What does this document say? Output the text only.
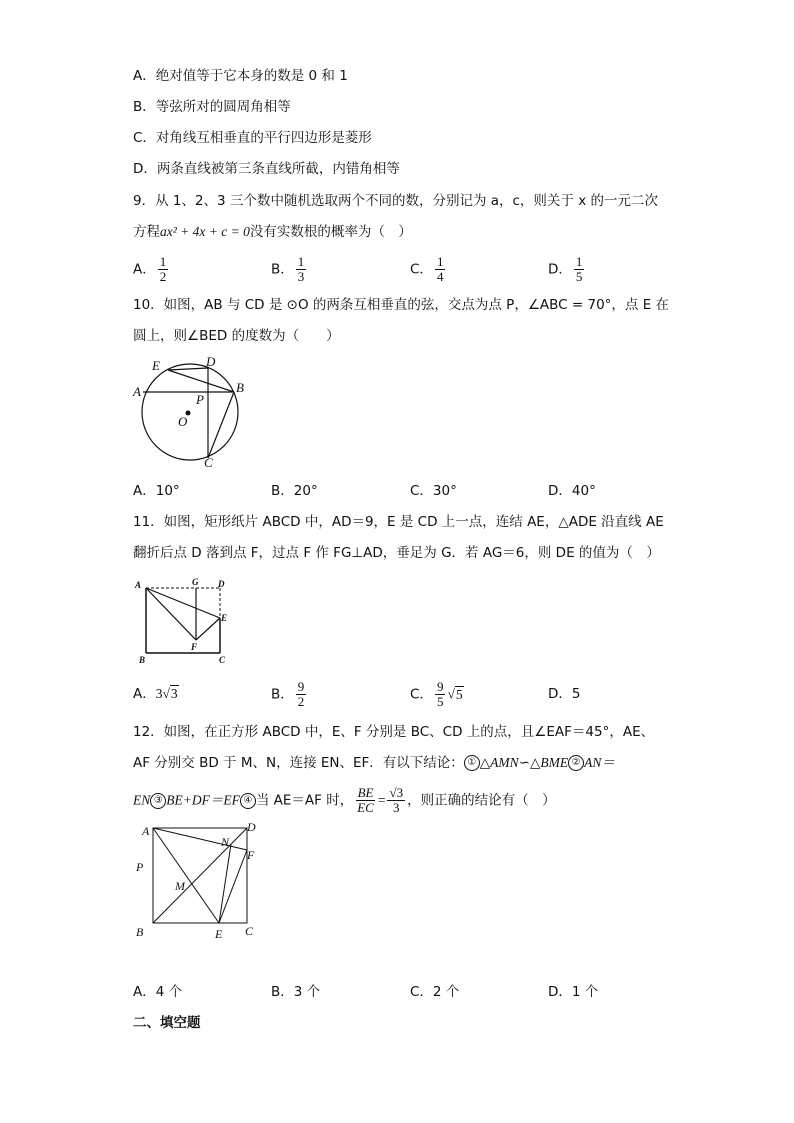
A．绝对值等于它本身的数是 0 和 1
B．等弦所对的圆周角相等
C．对角线互相垂直的平行四边形是菱形
D．两条直线被第三条直线所截，内错角相等
9．从 1、2、3 三个数中随机选取两个不同的数，分别记为 a，c，则关于 x 的一元二次
方程ax² + 4x + c = 0没有实数根的概率为（　）
A． $\frac{1}{2}$	B． $\frac{1}{3}$	C． $\frac{1}{4}$	D． $\frac{1}{5}$
10．如图，AB 与 CD 是 ⊙O 的两条互相垂直的弦，交点为点 P，∠ABC = 70°，点 E 在
圆上，则∠BED 的度数为（　　）
E	D
A	B
P
O
C
A．10°	B．20°	C．30°	D．40°
11．如图，矩形纸片 ABCD 中，AD＝9，E 是 CD 上一点，连结 AE，△ADE 沿直线 AE
翻折后点 D 落到点 F，过点 F 作 FG⊥AD，垂足为 G．若 AG＝6，则 DE 的值为（　）
A	G D
E
F
B	C
A．3√3	B． $\frac{9}{2}$	C． $\frac{9}{5} √5$	D．5
12．如图，在正方形 ABCD 中，E、F 分别是 BC、CD 上的点，且∠EAF＝45°，AE、
AF 分别交 BD 于 M、N，连接 EN、EF．有以下结论： ① △AMN∽△BME ② AN＝
EN ③ BE+DF＝EF ④ 当 AE＝AF 时， $\frac{BE}{EC} = \frac{√3}{3}$ ，则正确的结论有（　）
A	D
N
F
P
M
B	E C
A．4 个	B．3 个	C．2 个	D．1 个
二、填空题
